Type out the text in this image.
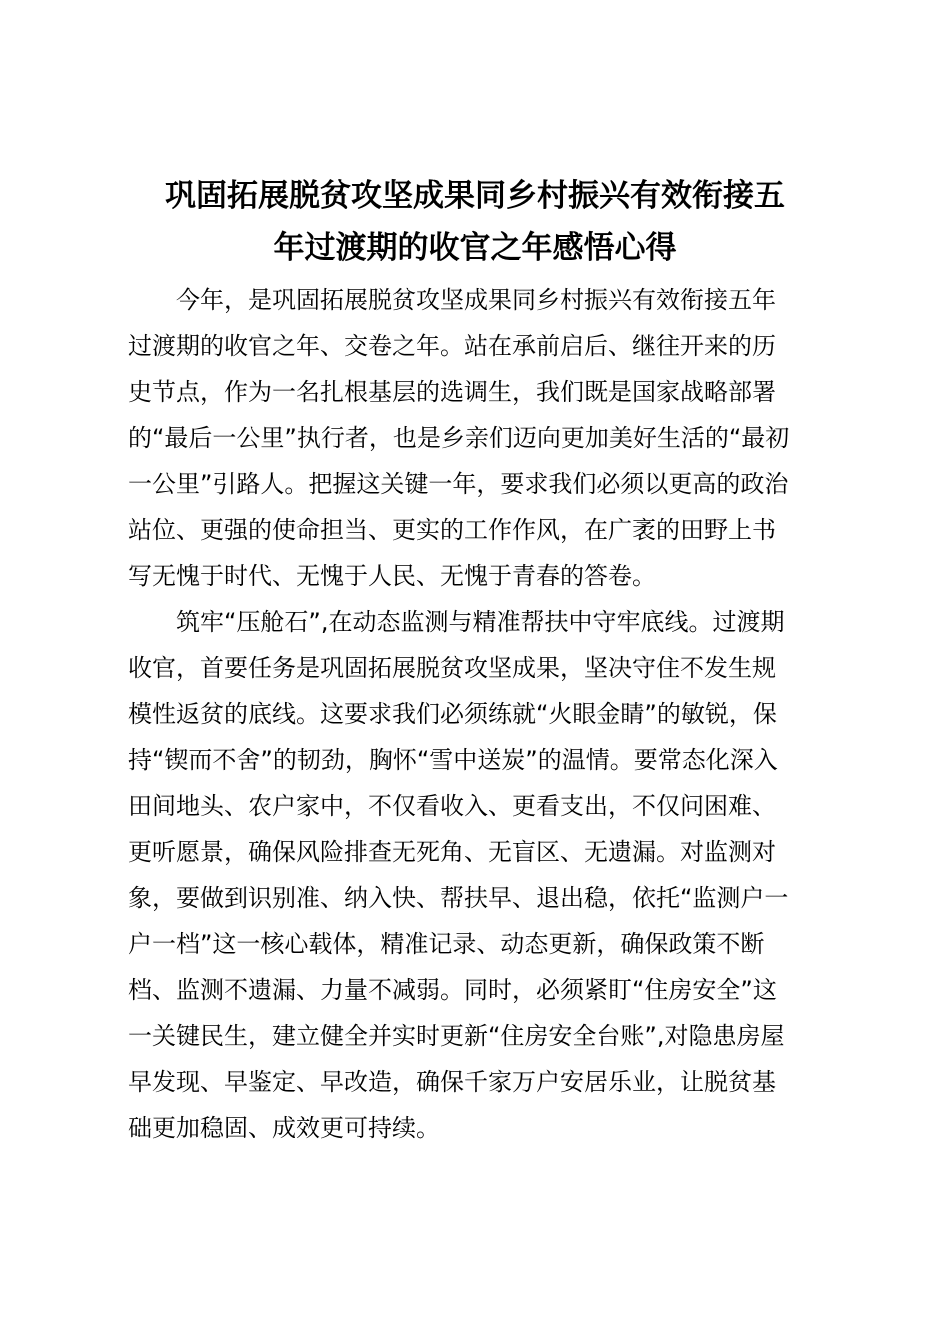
巩固拓展脱贫攻坚成果同乡村振兴有效衔接五
年过渡期的收官之年感悟心得

今年，是巩固拓展脱贫攻坚成果同乡村振兴有效衔接五年
过渡期的收官之年、交卷之年。站在承前启后、继往开来的历
史节点，作为一名扎根基层的选调生，我们既是国家战略部署
的“最后一公里”执行者，也是乡亲们迈向更加美好生活的“最初
一公里”引路人。把握这关键一年，要求我们必须以更高的政治
站位、更强的使命担当、更实的工作作风，在广袤的田野上书
写无愧于时代、无愧于人民、无愧于青春的答卷。

筑牢“压舱石”,在动态监测与精准帮扶中守牢底线。过渡期
收官，首要任务是巩固拓展脱贫攻坚成果，坚决守住不发生规
模性返贫的底线。这要求我们必须练就“火眼金睛”的敏锐，保
持“锲而不舍”的韧劲，胸怀“雪中送炭”的温情。要常态化深入
田间地头、农户家中，不仅看收入、更看支出，不仅问困难、
更听愿景，确保风险排查无死角、无盲区、无遗漏。对监测对
象，要做到识别准、纳入快、帮扶早、退出稳，依托“监测户一
户一档”这一核心载体，精准记录、动态更新，确保政策不断
档、监测不遗漏、力量不减弱。同时，必须紧盯“住房安全”这
一关键民生，建立健全并实时更新“住房安全台账”,对隐患房屋
早发现、早鉴定、早改造，确保千家万户安居乐业，让脱贫基
础更加稳固、成效更可持续。
